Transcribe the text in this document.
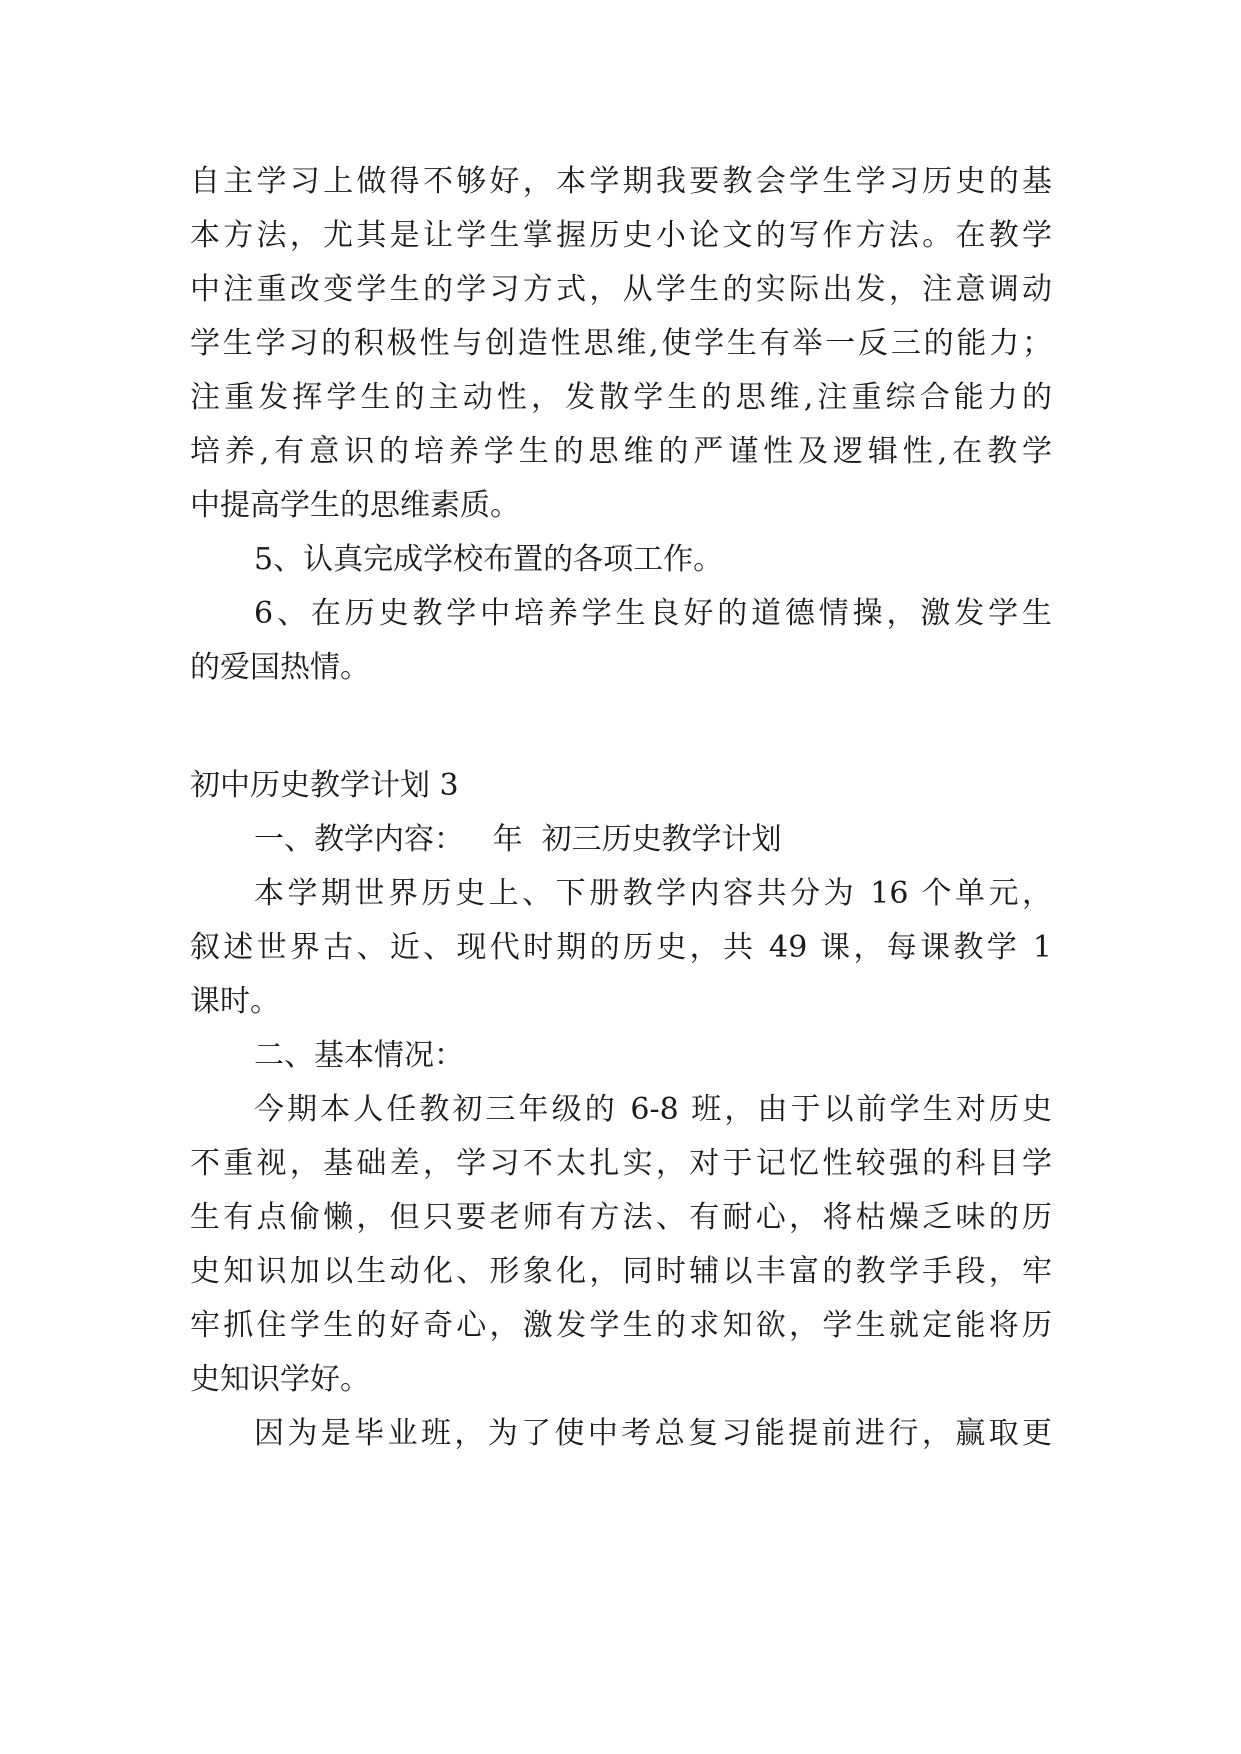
自主学习上做得不够好，本学期我要教会学生学习历史的基
本方法，尤其是让学生掌握历史小论文的写作方法。在教学
中注重改变学生的学习方式，从学生的实际出发，注意调动
学生学习的积极性与创造性思维,使学生有举一反三的能力；
注重发挥学生的主动性，发散学生的思维,注重综合能力的
培养,有意识的培养学生的思维的严谨性及逻辑性,在教学
中提高学生的思维素质。
5、认真完成学校布置的各项工作。
6、在历史教学中培养学生良好的道德情操，激发学生
的爱国热情。
初中历史教学计划 3
一、教学内容：   年  初三历史教学计划
本学期世界历史上、下册教学内容共分为 16 个单元，
叙述世界古、近、现代时期的历史，共 49 课，每课教学 1
课时。
二、基本情况：
今期本人任教初三年级的 6-8 班，由于以前学生对历史
不重视，基础差，学习不太扎实，对于记忆性较强的科目学
生有点偷懒，但只要老师有方法、有耐心，将枯燥乏味的历
史知识加以生动化、形象化，同时辅以丰富的教学手段，牢
牢抓住学生的好奇心，激发学生的求知欲，学生就定能将历
史知识学好。
因为是毕业班，为了使中考总复习能提前进行，赢取更
